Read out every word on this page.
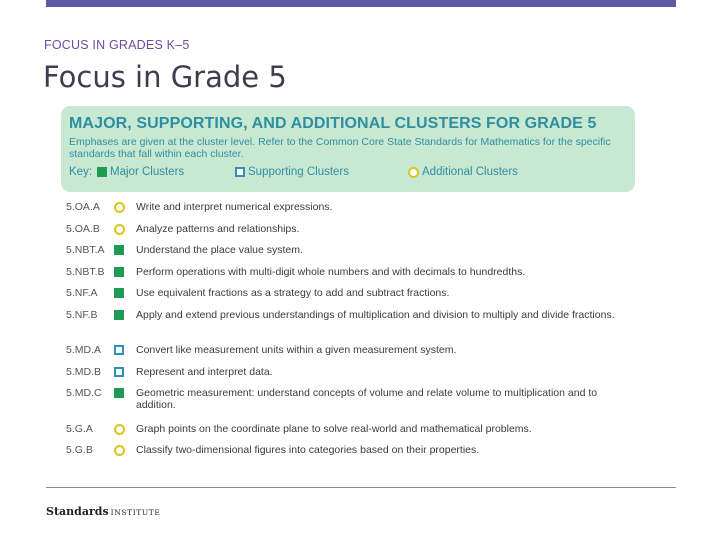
FOCUS IN GRADES K–5
Focus in Grade 5
MAJOR, SUPPORTING, AND ADDITIONAL CLUSTERS FOR GRADE 5
Emphases are given at the cluster level. Refer to the Common Core State Standards for Mathematics for the specific standards that fall within each cluster.
Key: Major Clusters	Supporting Clusters	Additional Clusters
5.OA.A	Write and interpret numerical expressions.
5.OA.B	Analyze patterns and relationships.
5.NBT.A	Understand the place value system.
5.NBT.B	Perform operations with multi-digit whole numbers and with decimals to hundredths.
5.NF.A	Use equivalent fractions as a strategy to add and subtract fractions.
5.NF.B	Apply and extend previous understandings of multiplication and division to multiply and divide fractions.
5.MD.A	Convert like measurement units within a given measurement system.
5.MD.B	Represent and interpret data.
5.MD.C	Geometric measurement: understand concepts of volume and relate volume to multiplication and to addition.
5.G.A	Graph points on the coordinate plane to solve real-world and mathematical problems.
5.G.B	Classify two-dimensional figures into categories based on their properties.
Standards INSTITUTE
